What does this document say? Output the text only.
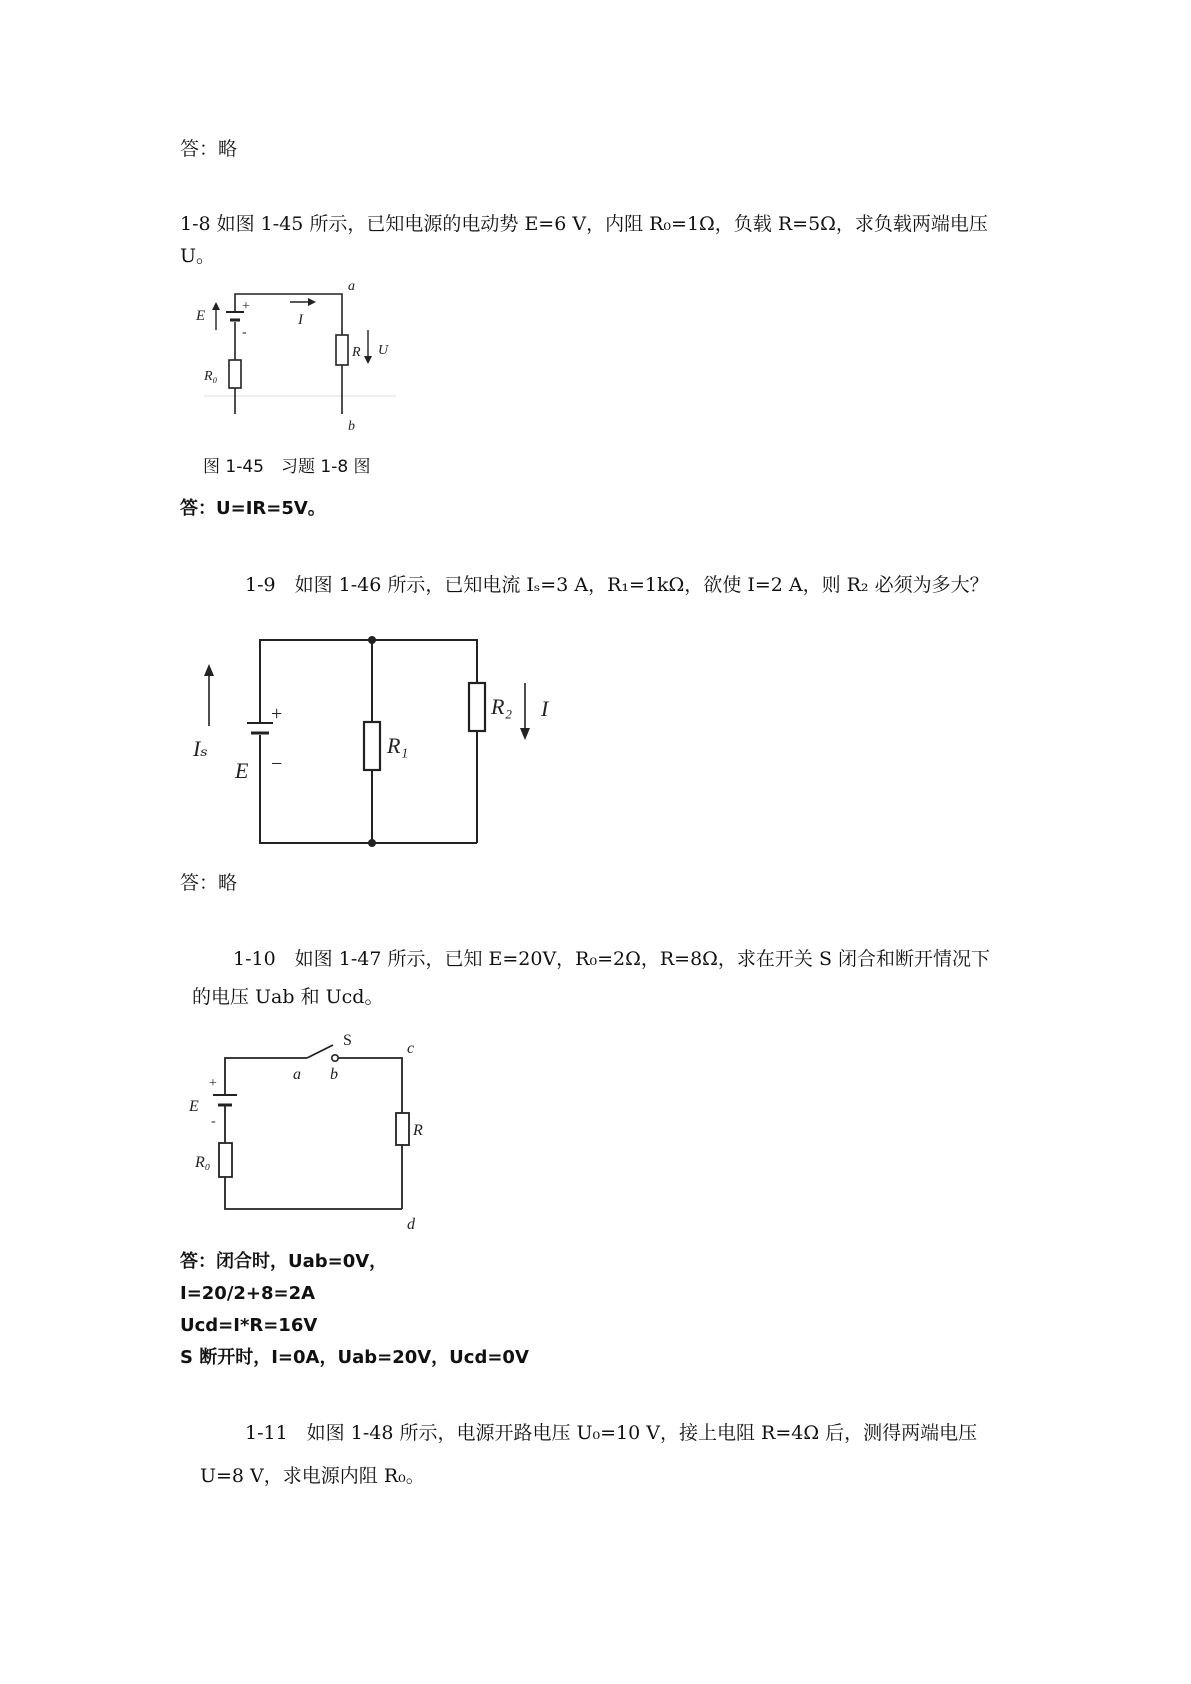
答：略
1-8 如图 1-45 所示，已知电源的电动势 E=6 V，内阻 R₀=1Ω，负载 R=5Ω，求负载两端电压
U。
E
+
-
I
a
b
R U
R₀
图 1-45　习题 1-8 图
答：U=IR=5V。
1-9　如图 1-46 所示，已知电流 Iₛ=3 A，R₁=1kΩ，欲使 I=2 A，则 R₂ 必须为多大？
Iₛ
E
+
−
R₁
R₂ I
答：略
1-10　如图 1-47 所示，已知 E=20V，R₀=2Ω，R=8Ω，求在开关 S 闭合和断开情况下
的电压 Uab 和 Ucd。
S
a b
c
d
E
+
-
R
R₀
答：闭合时，Uab=0V，
I=20/2+8=2A
Ucd=I*R=16V
S 断开时，I=0A，Uab=20V，Ucd=0V
1-11　如图 1-48 所示，电源开路电压 U₀=10 V，接上电阻 R=4Ω 后，测得两端电压
U=8 V，求电源内阻 R₀。
